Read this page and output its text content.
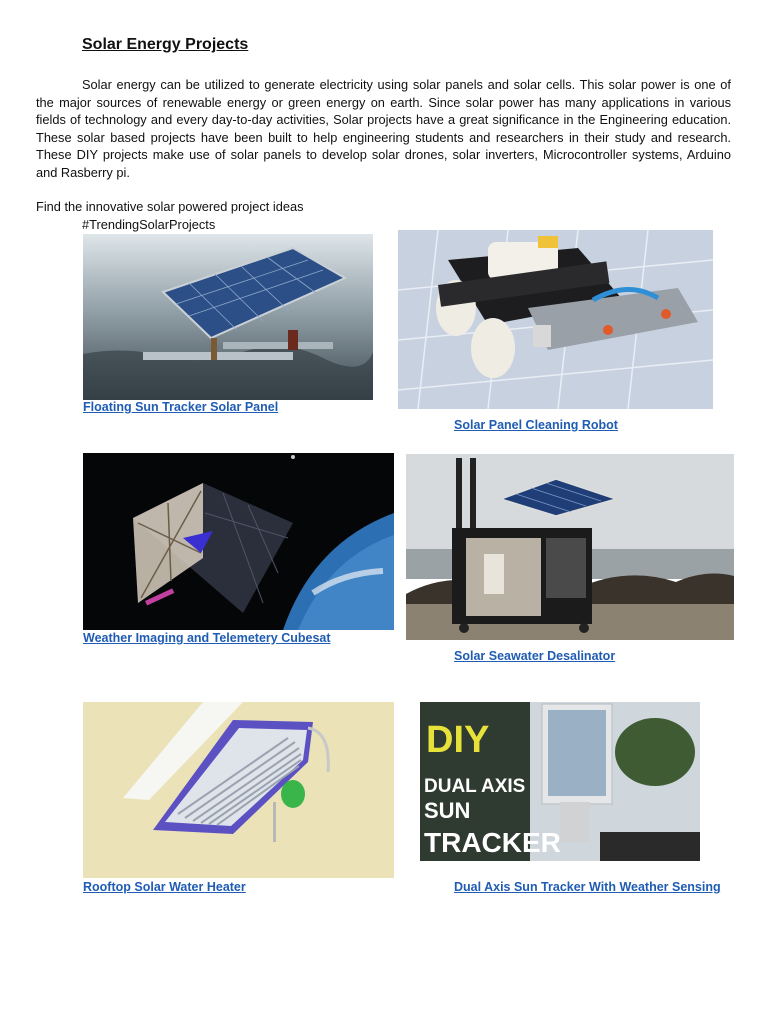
Solar Energy Projects
Solar energy can be utilized to generate electricity using solar panels and solar cells. This solar power is one of the major sources of renewable energy or green energy on earth. Since solar power has many applications in various fields of technology and every day-to-day activities, Solar projects have a great significance in the Engineering education. These solar based projects have been built to help engineering students and researchers in their study and research. These DIY projects make use of solar panels to develop solar drones, solar inverters, Microcontroller systems, Arduino and Rasberry pi.
Find the innovative solar powered project ideas
#TrendingSolarProjects
Floating Sun Tracker Solar Panel
Solar Panel Cleaning Robot
Weather Imaging and Telemetery Cubesat
Solar Seawater Desalinator
Rooftop Solar Water Heater
DIY
DUAL AXIS
SUN
TRACKER
Dual Axis Sun Tracker With Weather Sensing
